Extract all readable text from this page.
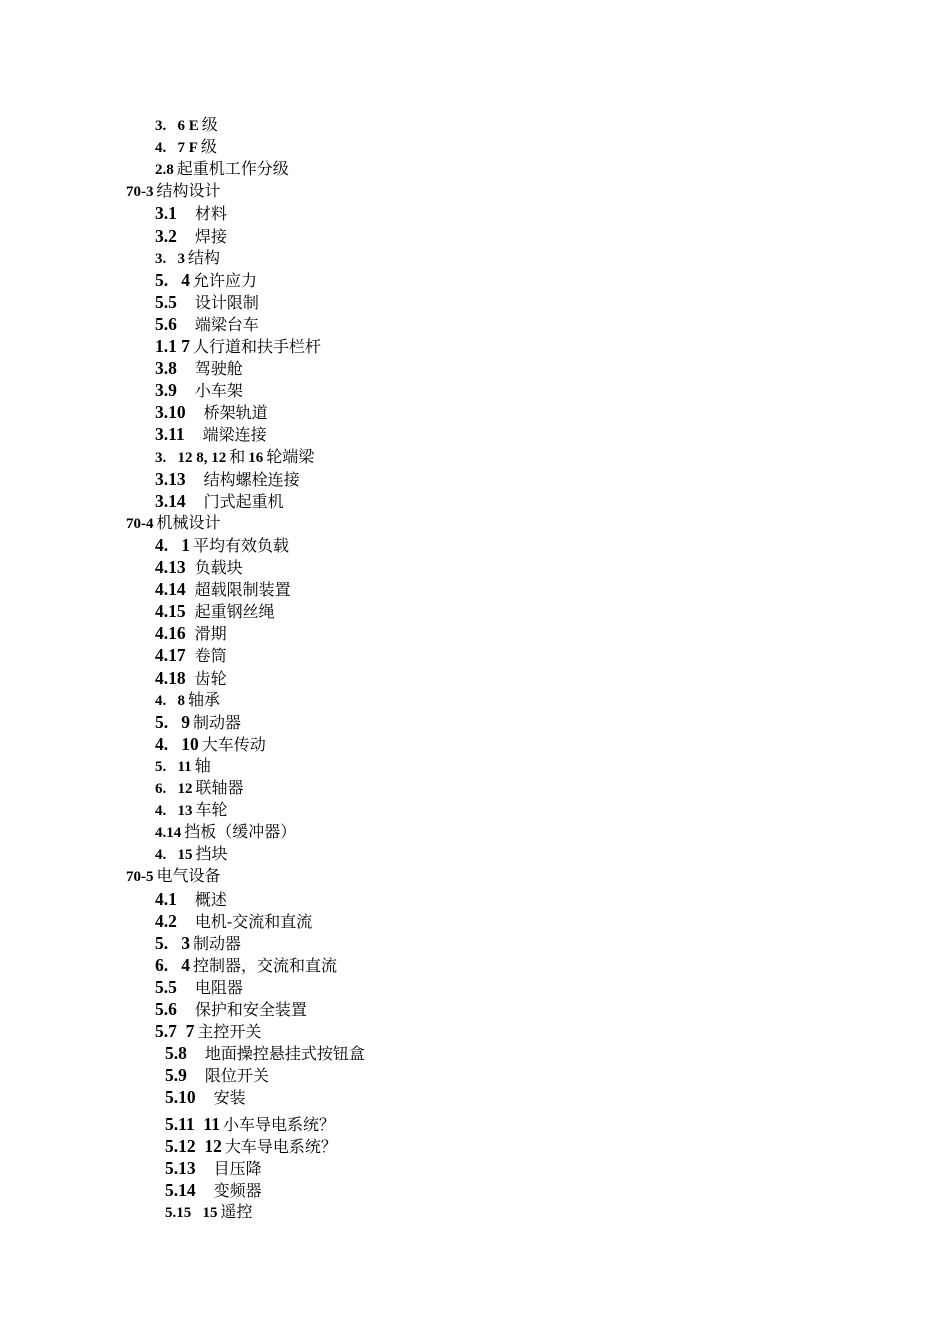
3.   6 E 级
4.   7 F 级
2.8 起重机工作分级
70-3 结构设计
3.1 材料
3.2 焊接
3.   3 结构
5.   4 允许应力
5.5 设计限制
5.6 端梁台车
1.1 7 人行道和扶手栏杆
3.8 驾驶舱
3.9 小车架
3.10 桥架轨道
3.11 端梁连接
3.   12 8, 12 和 16 轮端梁
3.13 结构螺栓连接
3.14 门式起重机
70-4 机械设计
4.   1 平均有效负载
4.13 负载块
4.14 超载限制装置
4.15 起重钢丝绳
4.16 滑期
4.17 卷筒
4.18 齿轮
4.   8 轴承
5.   9 制动器
4.   10 大车传动
5.   11 轴
6.   12 联轴器
4.   13 车轮
4.14 挡板（缓冲器）
4.   15 挡块
70-5 电气设备
4.1 概述
4.2 电机-交流和直流
5.   3 制动器
6.   4 控制器，交流和直流
5.5 电阻器
5.6 保护和安全装置
5.7  7 主控开关
5.8 地面操控悬挂式按钮盒
5.9 限位开关
5.10 安装
5.11  11 小车导电系统？
5.12  12 大车导电系统？
5.13 目压降
5.14 变频器
5.15   15 遥控
